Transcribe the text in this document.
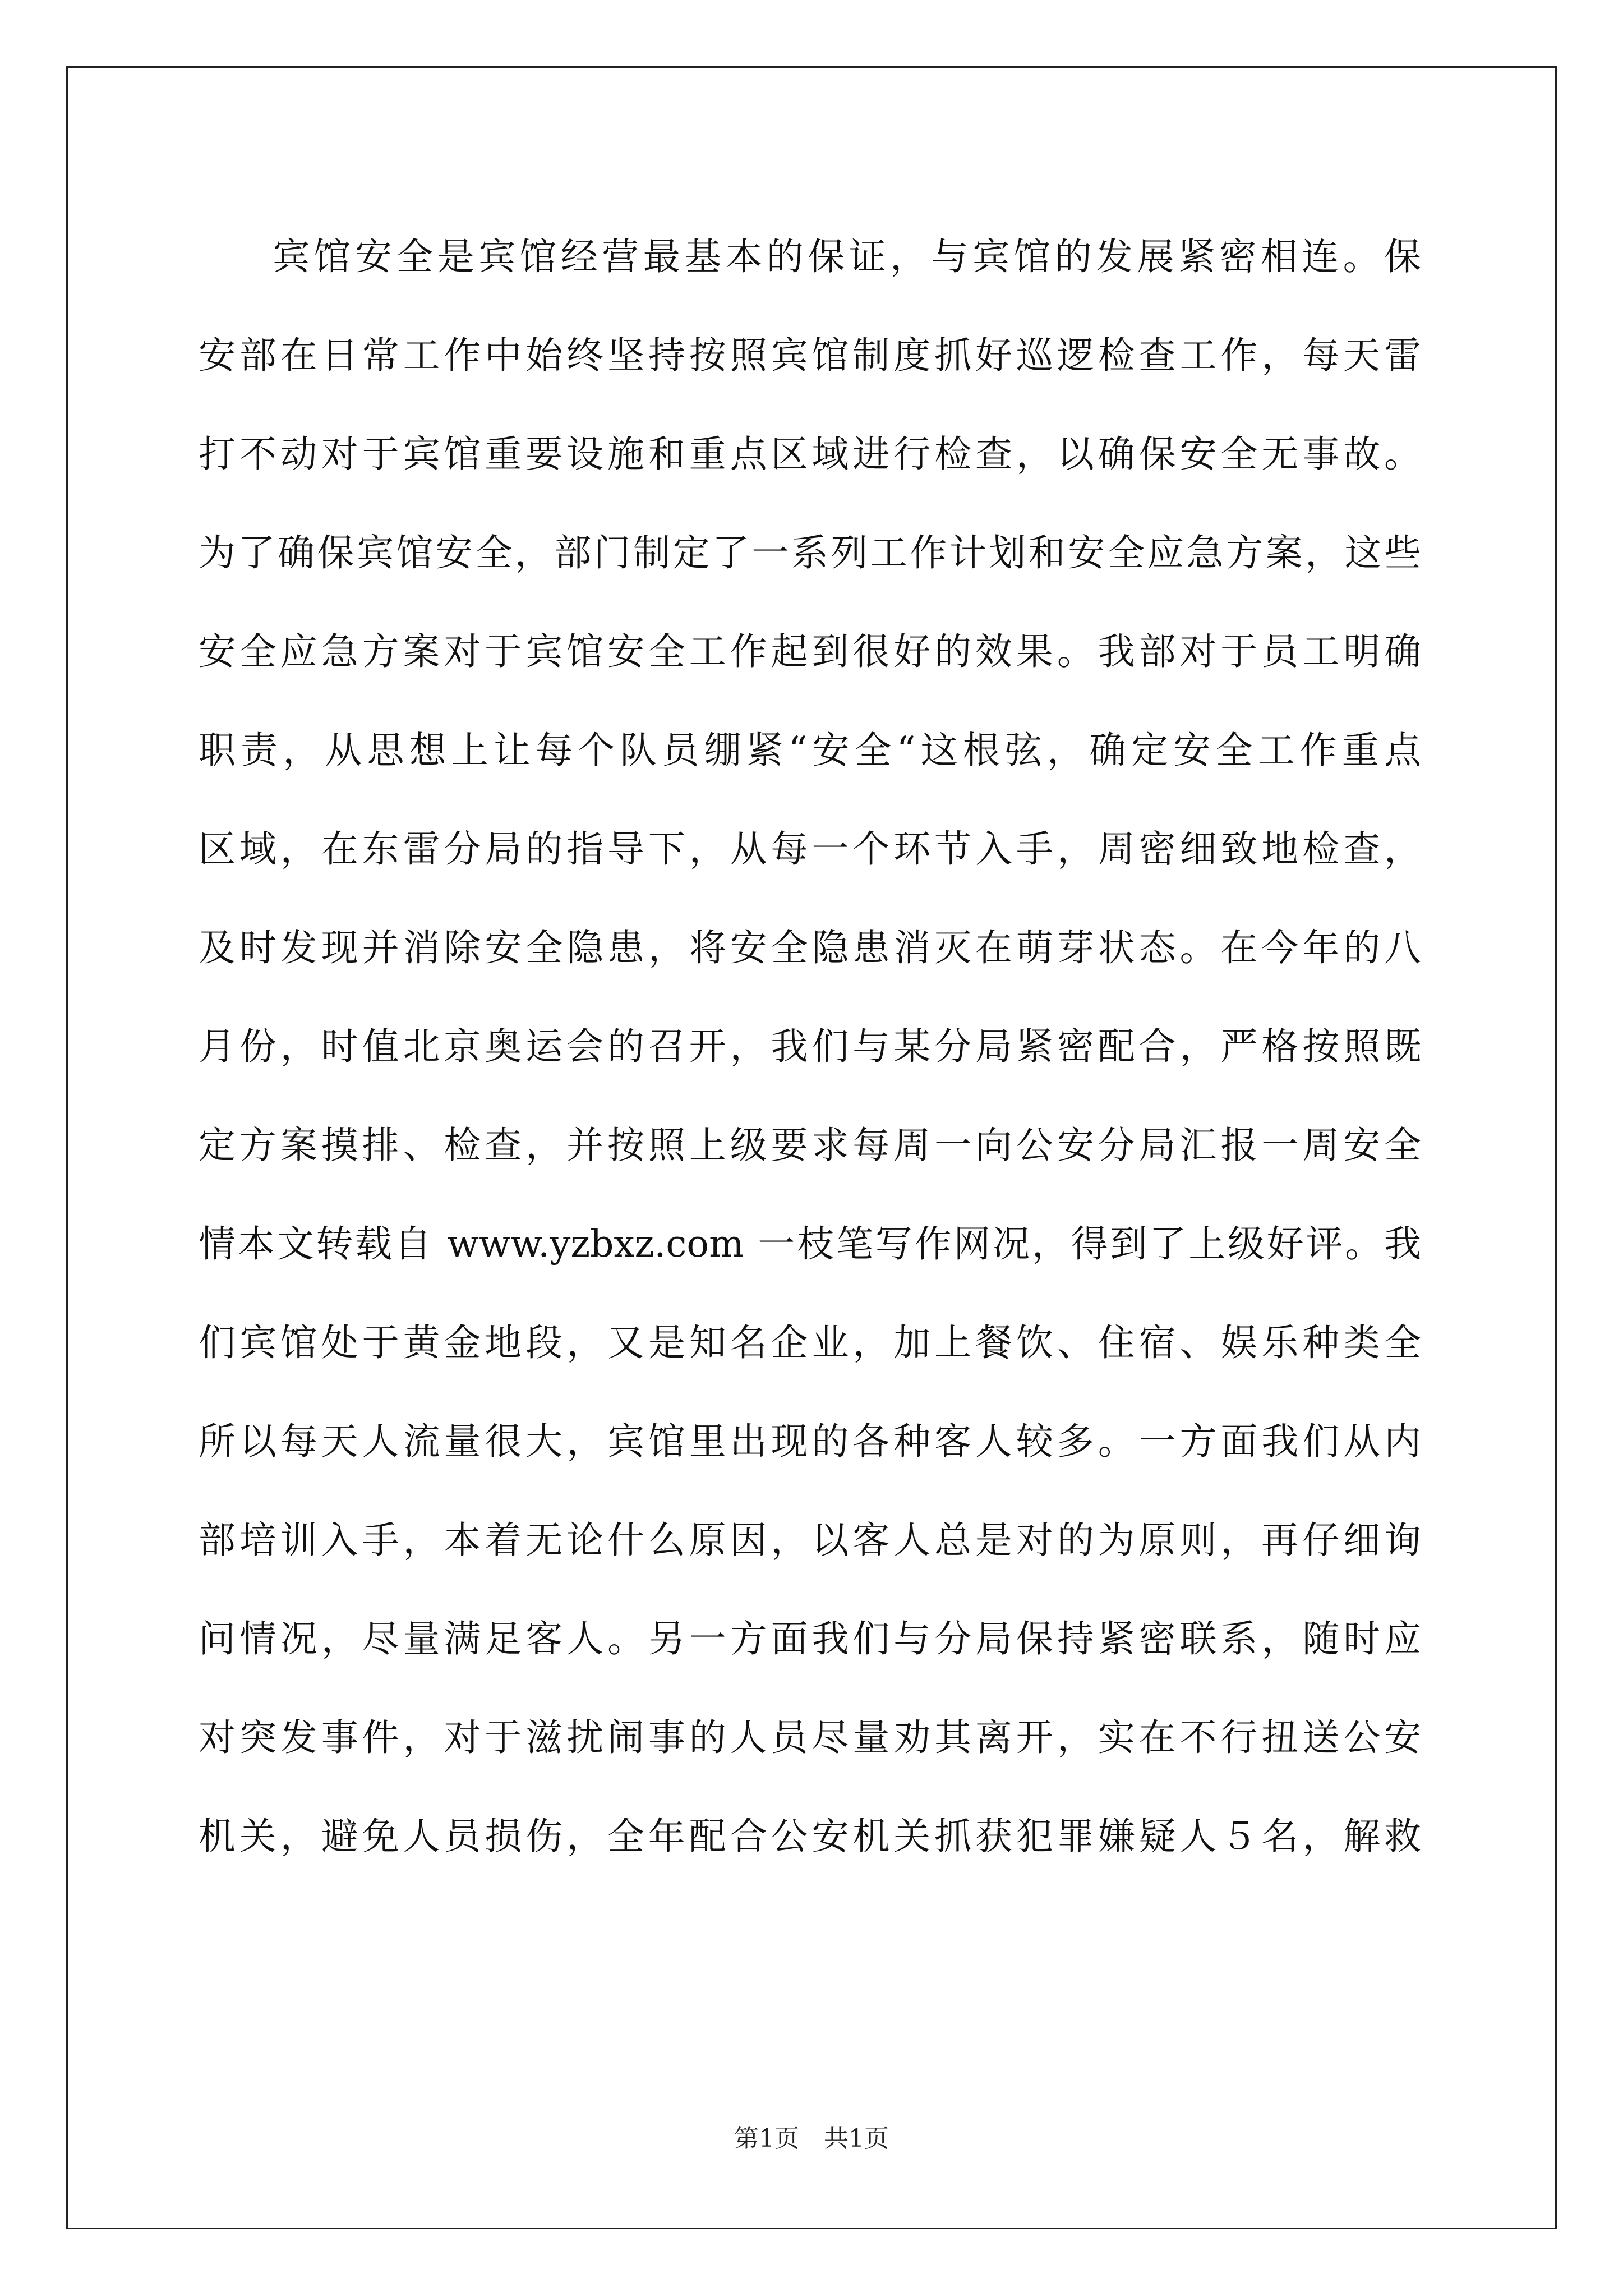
宾馆安全是宾馆经营最基本的保证，与宾馆的发展紧密相连。保
安部在日常工作中始终坚持按照宾馆制度抓好巡逻检查工作，每天雷
打不动对于宾馆重要设施和重点区域进行检查，以确保安全无事故。
为了确保宾馆安全，部门制定了一系列工作计划和安全应急方案，这些
安全应急方案对于宾馆安全工作起到很好的效果。我部对于员工明确
职责，从思想上让每个队员绷紧“安全“这根弦，确定安全工作重点
区域，在东雷分局的指导下，从每一个环节入手，周密细致地检查，
及时发现并消除安全隐患，将安全隐患消灭在萌芽状态。在今年的八
月份，时值北京奥运会的召开，我们与某分局紧密配合，严格按照既
定方案摸排、检查，并按照上级要求每周一向公安分局汇报一周安全
情本文转载自 www.yzbxz.com 一枝笔写作网况，得到了上级好评。我
们宾馆处于黄金地段，又是知名企业，加上餐饮、住宿、娱乐种类全
所以每天人流量很大，宾馆里出现的各种客人较多。一方面我们从内
部培训入手，本着无论什么原因，以客人总是对的为原则，再仔细询
问情况，尽量满足客人。另一方面我们与分局保持紧密联系，随时应
对突发事件，对于滋扰闹事的人员尽量劝其离开，实在不行扭送公安
机关，避免人员损伤，全年配合公安机关抓获犯罪嫌疑人５名，解救
第1页　共1页
